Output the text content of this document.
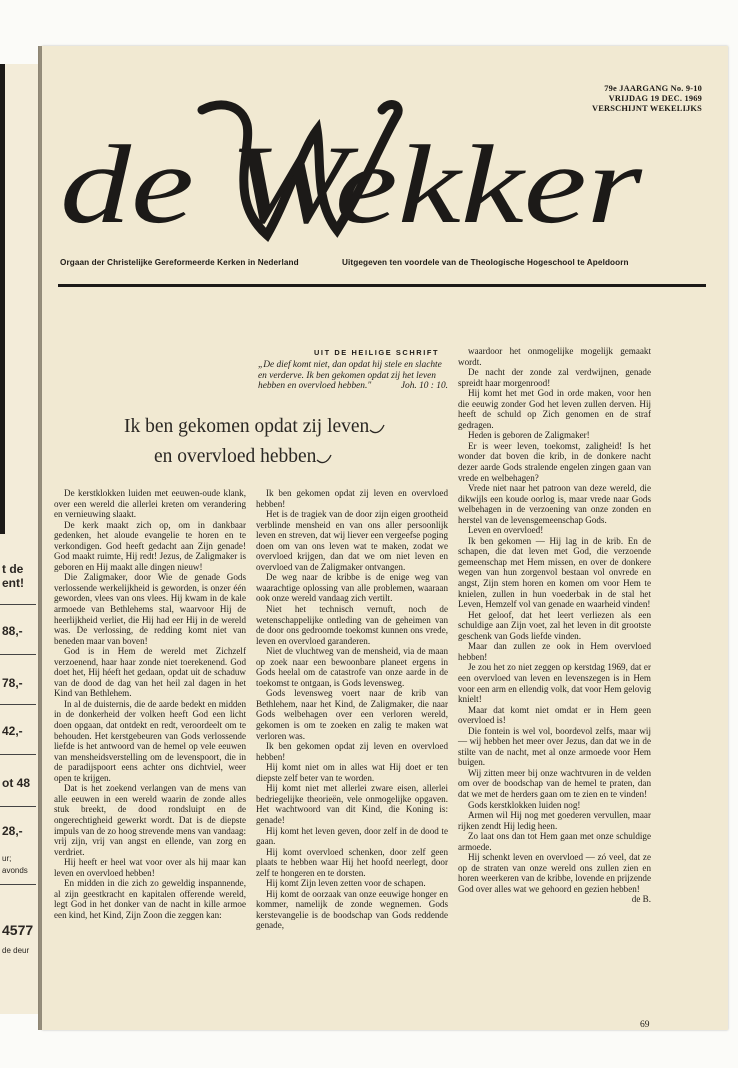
t de
ent!
88,-
78,-
42,-
ot 48
28,-
ur;
avonds
4577
de deur
79e JAARGANG No. 9-10
VRIJDAG 19 DEC. 1969
VERSCHIJNT WEKELIJKS
de Wekker
Orgaan der Christelijke Gereformeerde Kerken in Nederland	Uitgegeven ten voordele van de Theologische Hogeschool te Apeldoorn
UIT DE HEILIGE SCHRIFT
„De dief komt niet, dan opdat hij stele en slachte en verderve. Ik ben gekomen opdat zij het leven hebben en overvloed hebben."	Joh. 10 : 10.
Ik ben gekomen opdat zij leven
en overvloed hebben

De kerstklokken luiden met eeuwen-oude klank, over een wereld die allerlei kreten om verandering en vernieuwing slaakt.

De kerk maakt zich op, om in dankbaar gedenken, het aloude evangelie te horen en te verkondigen. God heeft gedacht aan Zijn genade! God maakt ruimte, Hij redt! Jezus, de Zaligmaker is geboren en Hij maakt alle dingen nieuw!

Die Zaligmaker, door Wie de genade Gods verlossende werkelijkheid is geworden, is onzer één geworden, vlees van ons vlees. Hij kwam in de kale armoede van Bethlehems stal, waarvoor Hij de heerlijkheid verliet, die Hij had eer Hij in de wereld was. De verlossing, de redding komt niet van beneden maar van boven!

God is in Hem de wereld met Zichzelf verzoenend, haar haar zonde niet toerekenend. God doet het, Hij héeft het gedaan, opdat uit de schaduw van de dood de dag van het heil zal dagen in het Kind van Bethlehem.

In al de duisternis, die de aarde bedekt en midden in de donkerheid der volken heeft God een licht doen opgaan, dat ontdekt en redt, veroordeelt om te behouden. Het kerstgebeuren van Gods verlossende liefde is het antwoord van de hemel op vele eeuwen van mensheidsverstelling om de levenspoort, die in de paradijspoort eens achter ons dichtviel, weer open te krijgen.

Dat is het zoekend verlangen van de mens van alle eeuwen in een wereld waarin de zonde alles stuk breekt, de dood rondsluipt en de ongerechtigheid gewerkt wordt. Dat is de diepste impuls van de zo hoog strevende mens van vandaag: vrij zijn, vrij van angst en ellende, van zorg en verdriet.

Hij heeft er heel wat voor over als hij maar kan leven en overvloed hebben!

En midden in die zich zo geweldig inspannende, al zijn geestkracht en kapitalen offerende wereld, legt God in het donker van de nacht in kille armoe een kind, het Kind, Zijn Zoon die zeggen kan:

Ik ben gekomen opdat zij leven en overvloed hebben!

Het is de tragiek van de door zijn eigen grootheid verblinde mensheid en van ons aller persoonlijk leven en streven, dat wij liever een vergeefse poging doen om van ons leven wat te maken, zodat we overvloed krijgen, dan dat we om niet leven en overvloed van de Zaligmaker ontvangen.

De weg naar de kribbe is de enige weg van waarachtige oplossing van alle problemen, waaraan ook onze wereld vandaag zich vertilt.

Niet het technisch vernuft, noch de wetenschappelijke ontleding van de geheimen van de door ons gedroomde toekomst kunnen ons vrede, leven en overvloed garanderen.

Niet de vluchtweg van de mensheid, via de maan op zoek naar een bewoonbare planeet ergens in Gods heelal om de catastrofe van onze aarde in de toekomst te ontgaan, is Gods levensweg.

Gods levensweg voert naar de krib van Bethlehem, naar het Kind, de Zaligmaker, die naar Gods welbehagen over een verloren wereld, gekomen is om te zoeken en zalig te maken wat verloren was.

Ik ben gekomen opdat zij leven en overvloed hebben!

Hij komt niet om in alles wat Hij doet er ten diepste zelf beter van te worden.

Hij komt niet met allerlei zware eisen, allerlei bedriegelijke theorieën, vele onmogelijke opgaven. Het wachtwoord van dit Kind, die Koning is: genade!

Hij komt het leven geven, door zelf in de dood te gaan.

Hij komt overvloed schenken, door zelf geen plaats te hebben waar Hij het hoofd neerlegt, door zelf te hongeren en te dorsten.

Hij komt Zijn leven zetten voor de schapen.

Hij komt de oorzaak van onze eeuwige honger en kommer, namelijk de zonde wegnemen. Gods kerstevangelie is de boodschap van Gods reddende genade,

waardoor het onmogelijke mogelijk gemaakt wordt.

De nacht der zonde zal verdwijnen, genade spreidt haar morgenrood!

Hij komt het met God in orde maken, voor hen die eeuwig zonder God het leven zullen derven. Hij heeft de schuld op Zich genomen en de straf gedragen.

Heden is geboren de Zaligmaker!

Er is weer leven, toekomst, zaligheid! Is het wonder dat boven die krib, in de donkere nacht dezer aarde Gods stralende engelen zingen gaan van vrede en welbehagen?

Vrede niet naar het patroon van deze wereld, die dikwijls een koude oorlog is, maar vrede naar Gods welbehagen in de verzoening van onze zonden en herstel van de levensgemeenschap Gods.

Leven en overvloed!

Ik ben gekomen — Hij lag in de krib. En de schapen, die dat leven met God, die verzoende gemeenschap met Hem missen, en over de donkere wegen van hun zorgenvol bestaan vol onvrede en angst, Zijn stem horen en komen om voor Hem te knielen, zullen in hun voederbak in de stal het Leven, Hemzelf vol van genade en waarheid vinden!

Het geloof, dat het leert verliezen als een schuldige aan Zijn voet, zal het leven in dit grootste geschenk van Gods liefde vinden.

Maar dan zullen ze ook in Hem overvloed hebben!

Je zou het zo niet zeggen op kerstdag 1969, dat er een overvloed van leven en levenszegen is in Hem voor een arm en ellendig volk, dat voor Hem gelovig knielt!

Maar dat komt niet omdat er in Hem geen overvloed is!

Die fontein is wel vol, boordevol zelfs, maar wij — wij hebben het meer over Jezus, dan dat we in de stilte van de nacht, met al onze armoede voor Hem buigen.

Wij zitten meer bij onze wachtvuren in de velden om over de boodschap van de hemel te praten, dan dat we met de herders gaan om te zien en te vinden!

Gods kerstklokken luiden nog!

Armen wil Hij nog met goederen vervullen, maar rijken zendt Hij ledig heen.

Zo laat ons dan tot Hem gaan met onze schuldige armoede.

Hij schenkt leven en overvloed — zó veel, dat ze op de straten van onze wereld ons zullen zien en horen weerkeren van de kribbe, lovende en prijzende God over alles wat we gehoord en gezien hebben!

de B.
69
